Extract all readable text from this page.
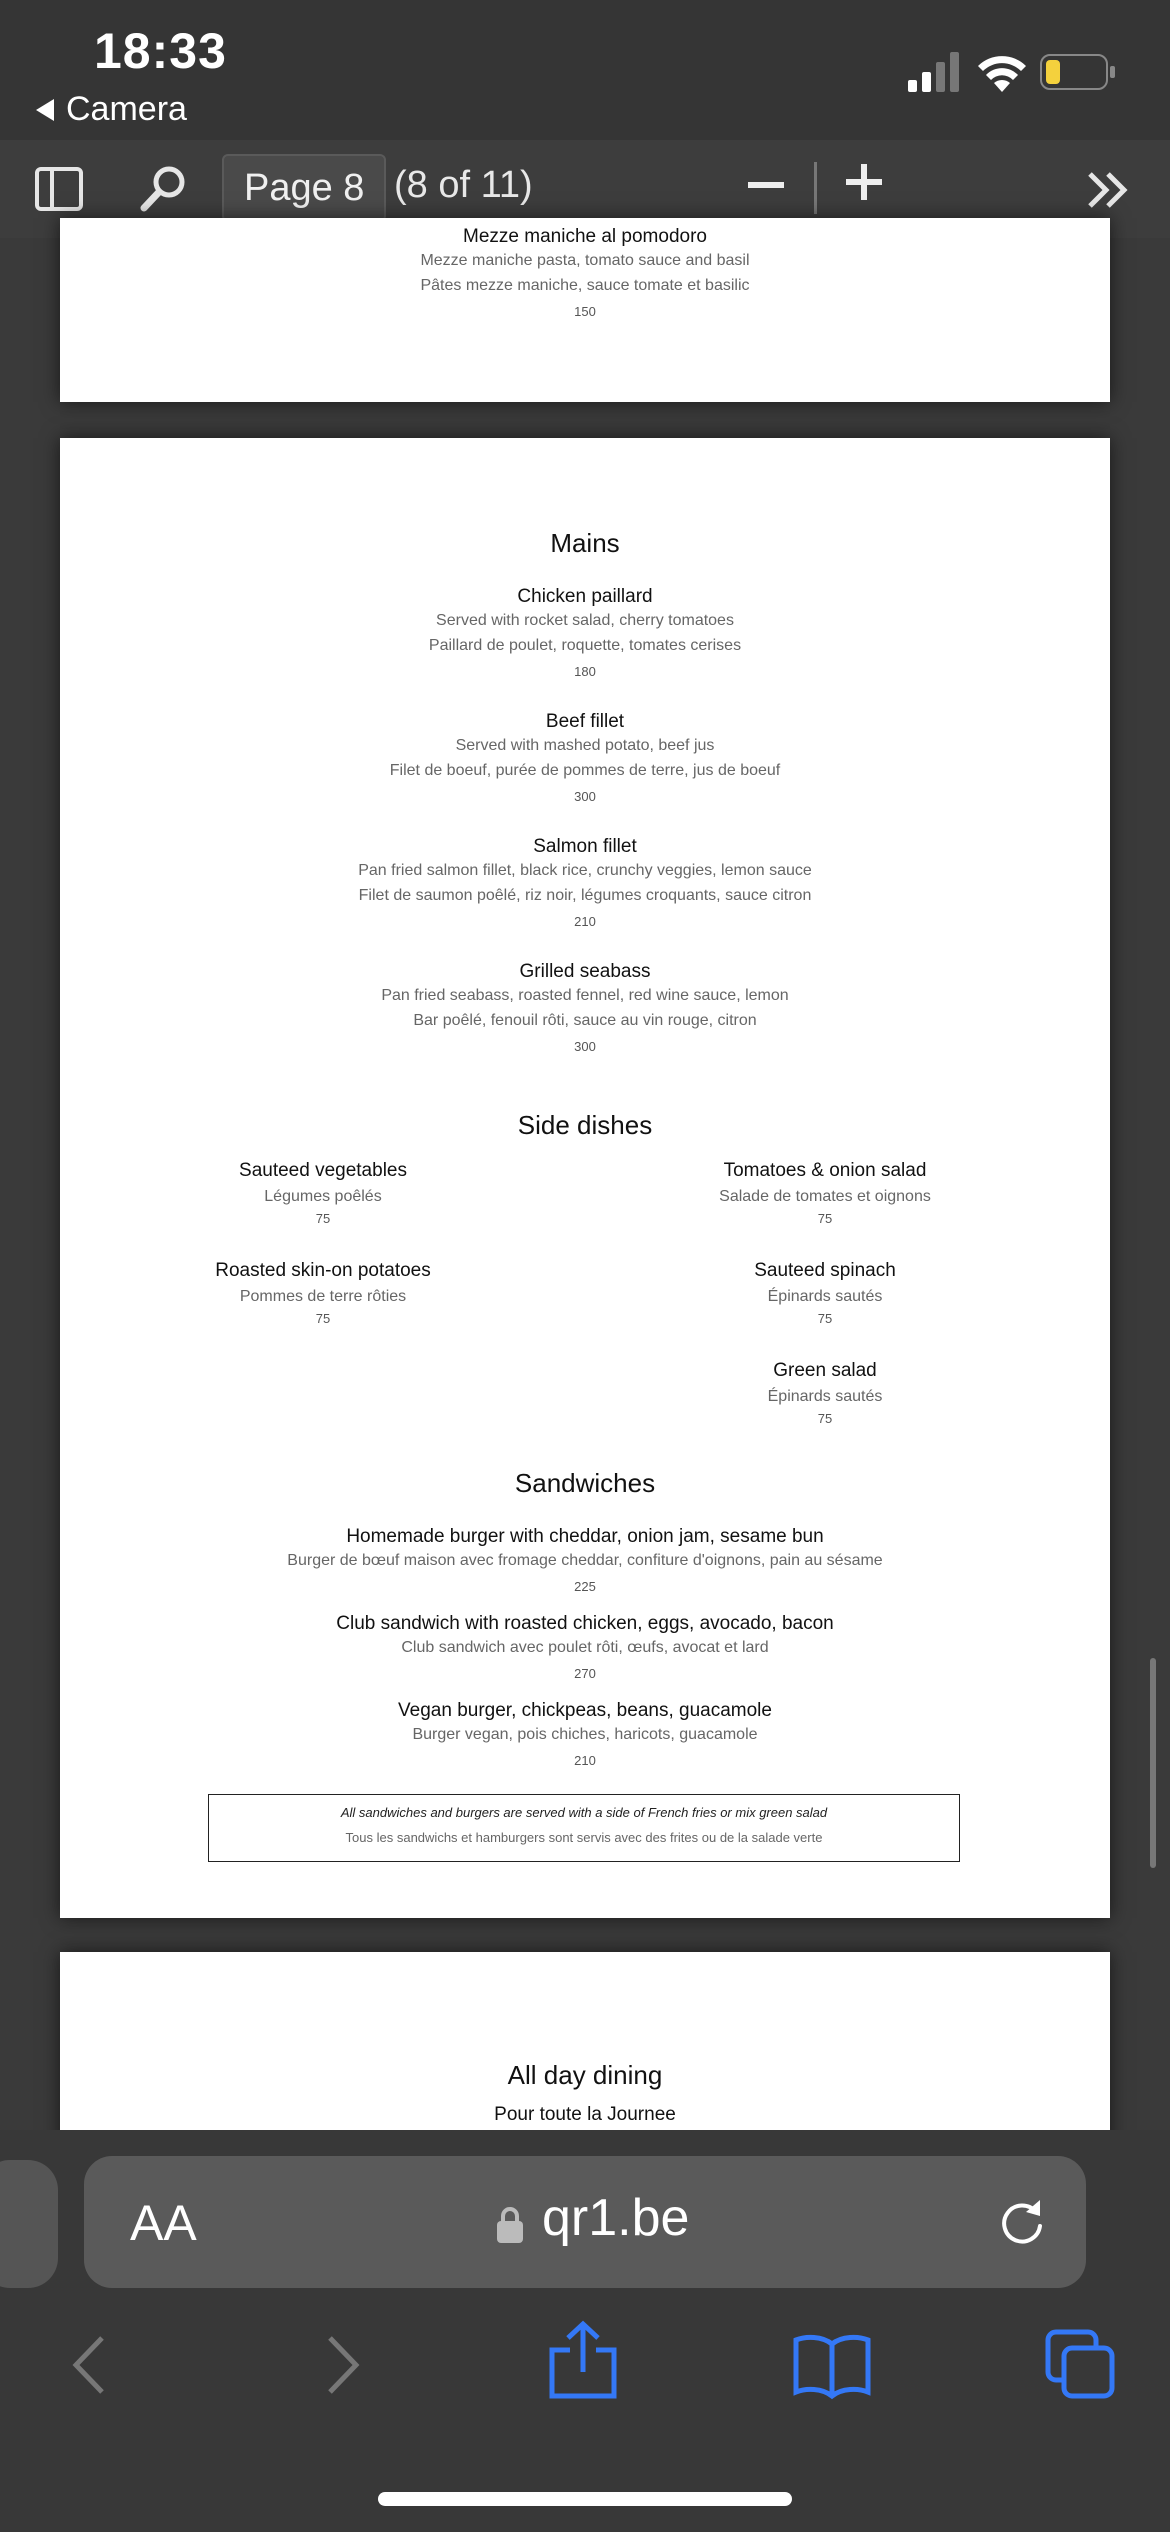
18:33
Camera
Page 8 (8 of 11)
Mezze maniche al pomodoro
Mezze maniche pasta, tomato sauce and basil
Pâtes mezze maniche, sauce tomate et basilic
150
Mains
Chicken paillard
Served with rocket salad, cherry tomatoes
Paillard de poulet, roquette, tomates cerises
180
Beef fillet
Served with mashed potato, beef jus
Filet de boeuf, purée de pommes de terre, jus de boeuf
300
Salmon fillet
Pan fried salmon fillet, black rice, crunchy veggies, lemon sauce
Filet de saumon poêlé, riz noir, légumes croquants, sauce citron
210
Grilled seabass
Pan fried seabass, roasted fennel, red wine sauce, lemon
Bar poêlé, fenouil rôti, sauce au vin rouge, citron
300
Side dishes
Sauteed vegetables
Légumes poêlés
75
Roasted skin-on potatoes
Pommes de terre rôties
75
Tomatoes & onion salad
Salade de tomates et oignons
75
Sauteed spinach
Épinards sautés
75
Green salad
Épinards sautés
75
Sandwiches
Homemade burger with cheddar, onion jam, sesame bun
Burger de bœuf maison avec fromage cheddar, confiture d'oignons, pain au sésame
225
Club sandwich with roasted chicken, eggs, avocado, bacon
Club sandwich avec poulet rôti, œufs, avocat et lard
270
Vegan burger, chickpeas, beans, guacamole
Burger vegan, pois chiches, haricots, guacamole
210
All sandwiches and burgers are served with a side of French fries or mix green salad
Tous les sandwichs et hamburgers sont servis avec des frites ou de la salade verte
All day dining
Pour toute la Journee
AA	qr1.be
